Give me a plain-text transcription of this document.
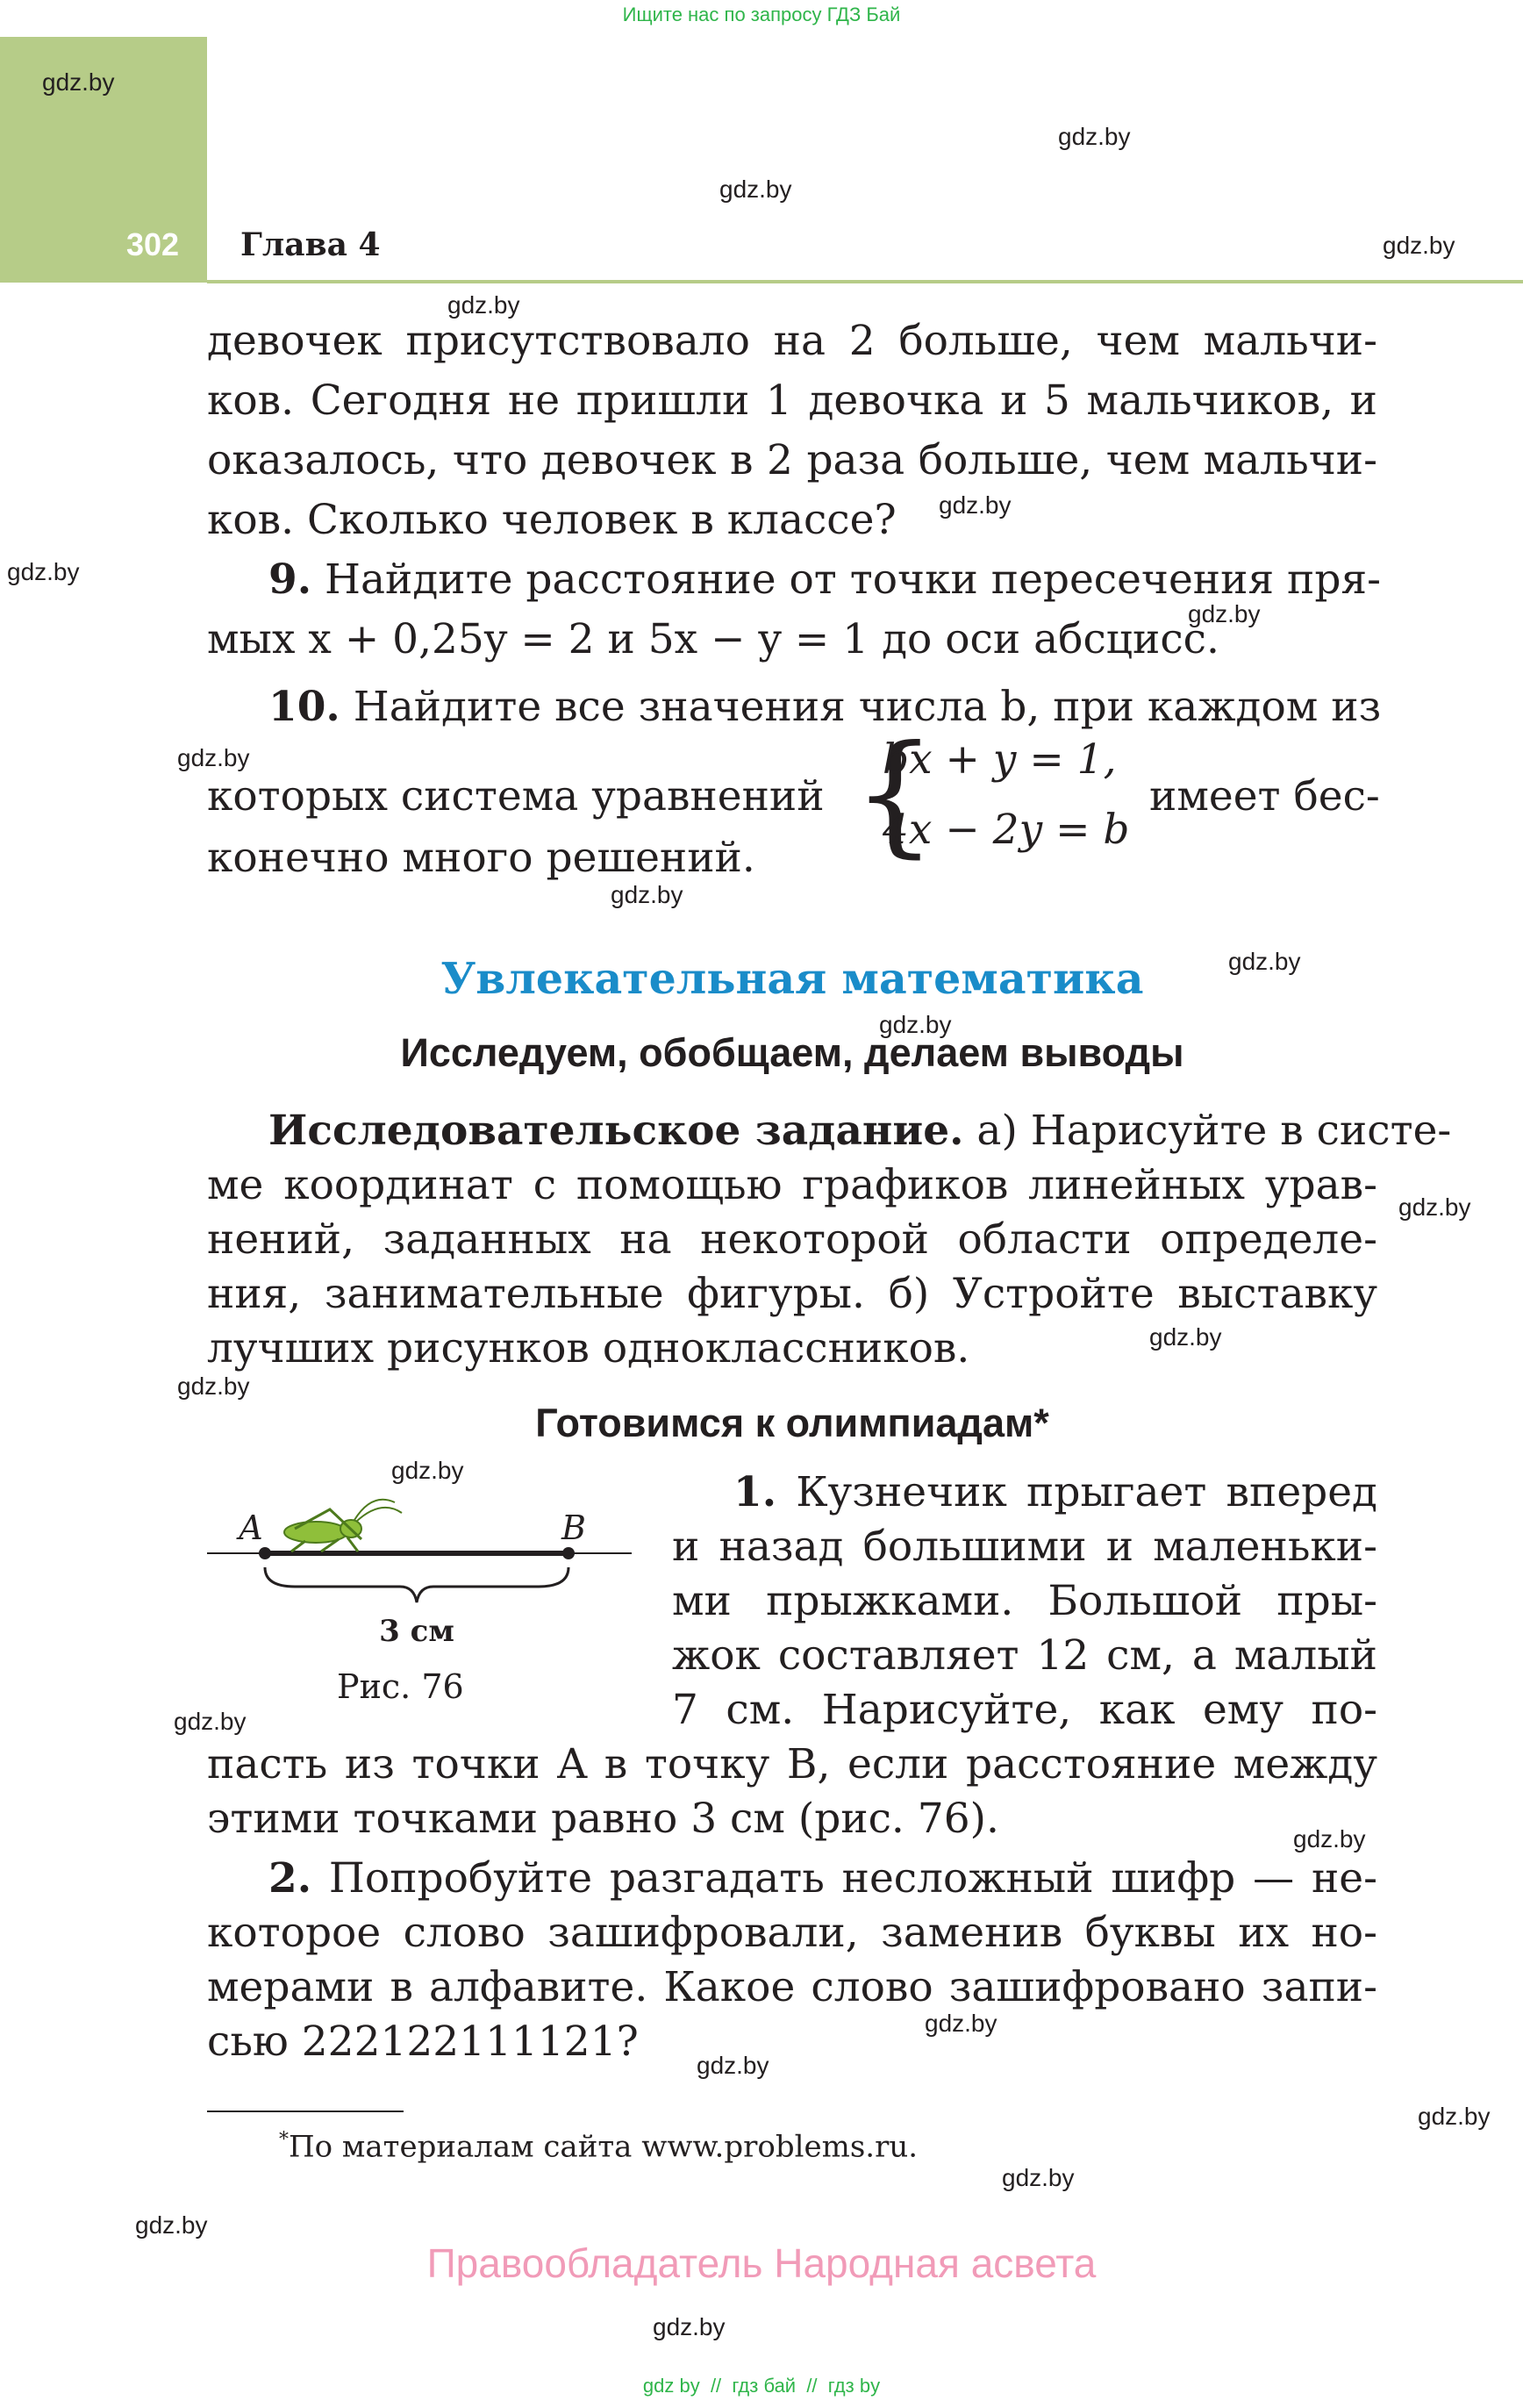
Ищите нас по запросу ГДЗ Бай
302 Глава 4
gdz.by
gdz.by
gdz.by
gdz.by
gdz.by
gdz.by
gdz.by
gdz.by
gdz.by
gdz.by
gdz.by
gdz.by
gdz.by
gdz.by
gdz.by
gdz.by
gdz.by
gdz.by
gdz.by
gdz.by
gdz.by
gdz.by
gdz.by
gdz.by
девочек присутствовало на 2 больше, чем мальчи-
ков. Сегодня не пришли 1 девочка и 5 мальчиков, и
оказалось, что девочек в 2 раза больше, чем мальчи-
ков. Сколько человек в классе?
9. Найдите расстояние от точки пересечения пря-
мых x + 0,25y = 2 и 5x − y = 1 до оси абсцисс.
10. Найдите все значения числа b, при каждом из
которых система уравнений {
bx + y = 1,
4x − 2y = b
имеет бес-
конечно много решений.
Увлекательная математика
Исследуем, обобщаем, делаем выводы
Исследовательское задание. а) Нарисуйте в систе-
ме координат с помощью графиков линейных урав-
нений, заданных на некоторой области определе-
ния, занимательные фигуры. б) Устройте выставку
лучших рисунков одноклассников.
Готовимся к олимпиадам*
A	B
3 см
Рис. 76
1. Кузнечик прыгает вперед
и назад большими и маленьки-
ми прыжками. Большой пры-
жок составляет 12 см, а малый
7 см. Нарисуйте, как ему по-
пасть из точки A в точку B, если расстояние между
этими точками равно 3 см (рис. 76).
2. Попробуйте разгадать несложный шифр — не-
которое слово зашифровали, заменив буквы их но-
мерами в алфавите. Какое слово зашифровано запи-
сью 222122111121?
*По материалам сайта www.problems.ru.
Правообладатель Народная асвета
gdz by  //  гдз бай  //  гдз by
